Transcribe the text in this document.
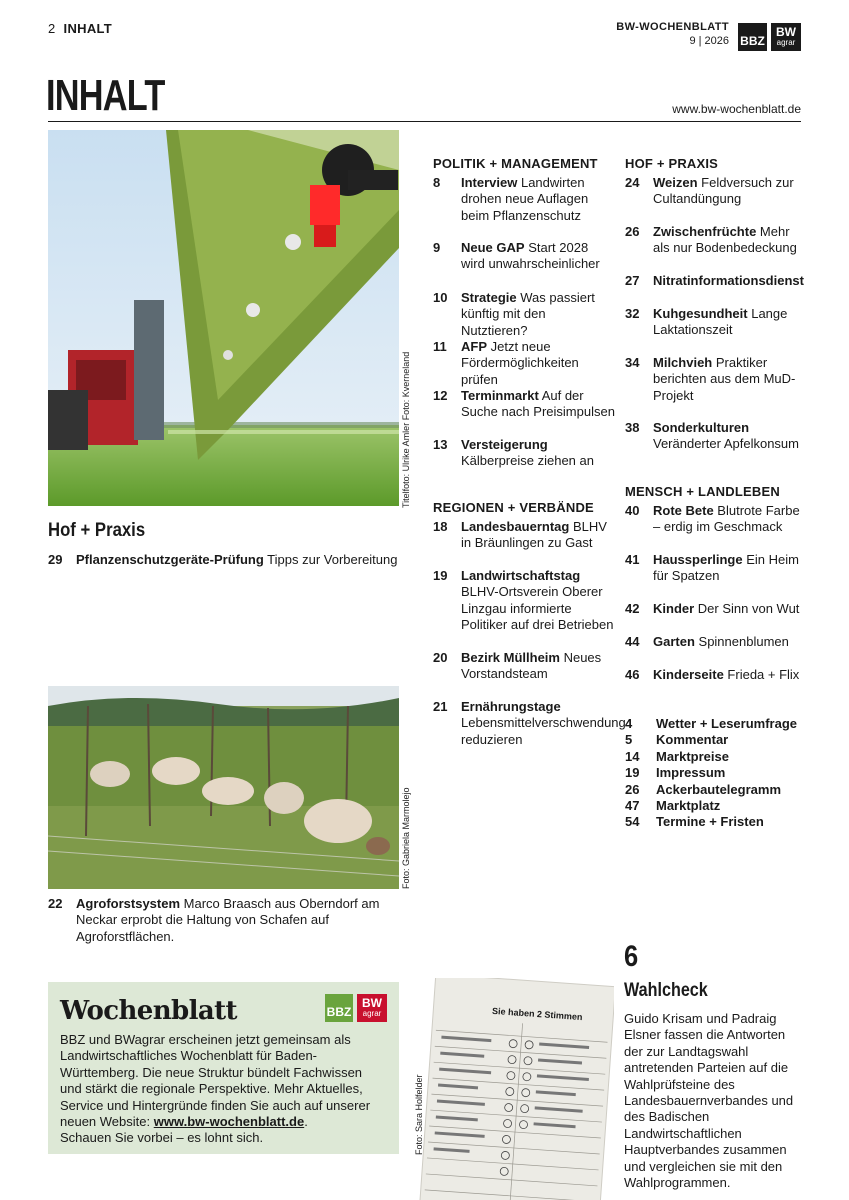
2 INHALT	BW-WOCHENBLATT
9 | 2026 BBZ
BW
agrar
INHALT	www.bw-wochenblatt.de
Titelfoto: Ulrike Amler Foto: Kverneland
Hof + Praxis
29 Pflanzenschutzgeräte-Prüfung Tipps zur Vorbereitung
Foto: Gabriela Marmolejo
22 Agroforstsystem Marco Braasch aus Oberndorf am Neckar erprobt die Haltung von Schafen auf Agroforstflächen.
POLITIK + MANAGEMENT
8 Interview Landwirten drohen neue Auflagen beim Pflanzenschutz
9 Neue GAP Start 2028 wird unwahrscheinlicher
10 Strategie Was passiert künftig mit den Nutztieren?
11 AFP Jetzt neue Fördermöglichkeiten prüfen
12 Terminmarkt Auf der Suche nach Preisimpulsen
13 Versteigerung Kälberpreise ziehen an
REGIONEN + VERBÄNDE
18 Landesbauerntag BLHV in Bräunlingen zu Gast
19 Landwirtschaftstag BLHV-Ortsverein Oberer Linzgau informierte Politiker auf drei Betrieben
20 Bezirk Müllheim Neues Vorstandsteam
21 Ernährungstage Lebensmittelverschwendung reduzieren
HOF + PRAXIS
24 Weizen Feldversuch zur Cultandüngung
26 Zwischenfrüchte Mehr als nur Bodenbedeckung
27 Nitratinformationsdienst
32 Kuhgesundheit Lange Laktationszeit
34 Milchvieh Praktiker berichten aus dem MuD-Projekt
38 Sonderkulturen
Veränderter Apfelkonsum
MENSCH + LANDLEBEN
40 Rote Bete Blutrote Farbe – erdig im Geschmack
41 Haussperlinge Ein Heim für Spatzen
42 Kinder Der Sinn von Wut
44 Garten Spinnenblumen
46 Kinderseite Frieda + Flix
4 Wetter + Leserumfrage
5 Kommentar
14 Marktpreise
19 Impressum
26 Ackerbautelegramm
47 Marktplatz
54 Termine + Fristen
Wochenblatt
BBZ und BWagrar erscheinen jetzt gemeinsam als Landwirtschaftliches Wochenblatt für Baden-Württemberg. Die neue Struktur bündelt Fachwissen und stärkt die regionale Perspektive. Mehr Aktuelles, Service und Hintergründe finden Sie auch auf unserer neuen Website: www.bw-wochenblatt.de.
Schauen Sie vorbei – es lohnt sich.
BBZ
BW
agrar	Sie haben 2 Stimmen
Foto: Sara Holfelder
6
Wahlcheck
Guido Krisam und Padraig Elsner fassen die Antworten der zur Landtagswahl antretenden Parteien auf die Wahlprüfsteine des Landesbauernverbandes und des Badischen Landwirtschaftlichen Hauptverbandes zusammen und vergleichen sie mit den Wahlprogrammen.
